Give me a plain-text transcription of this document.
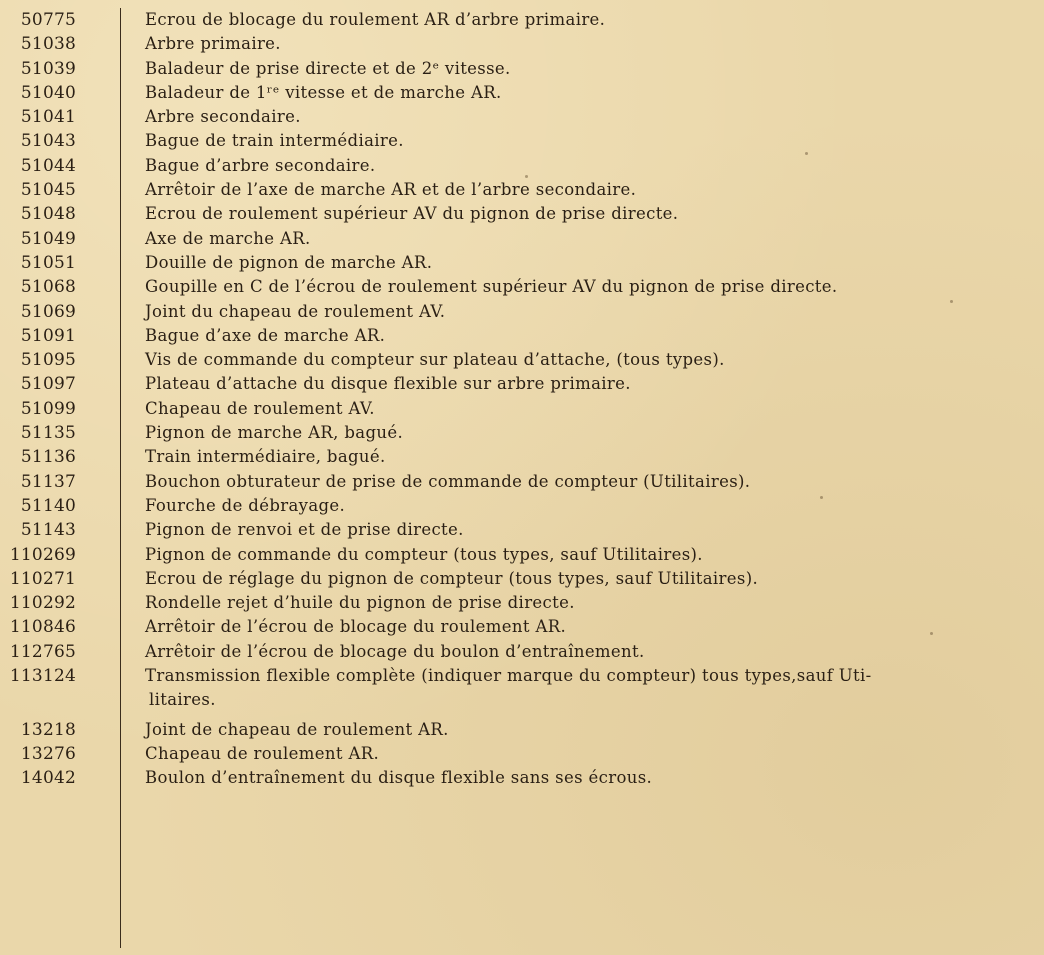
50775	Ecrou de blocage du roulement AR d’arbre primaire.
51038	Arbre primaire.
51039	Baladeur de prise directe et de 2ᵉ vitesse.
51040	Baladeur de 1ʳᵉ vitesse et de marche AR.
51041	Arbre secondaire.
51043	Bague de train intermédiaire.
51044	Bague d’arbre secondaire.
51045	Arrêtoir de l’axe de marche AR et de l’arbre secondaire.
51048	Ecrou de roulement supérieur AV du pignon de prise directe.
51049	Axe de marche AR.
51051	Douille de pignon de marche AR.
51068	Goupille en C de l’écrou de roulement supérieur AV du pignon de prise directe.
51069	Joint du chapeau de roulement AV.
51091	Bague d’axe de marche AR.
51095	Vis de commande du compteur sur plateau d’attache, (tous types).
51097	Plateau d’attache du disque flexible sur arbre primaire.
51099	Chapeau de roulement AV.
51135	Pignon de marche AR, bagué.
51136	Train intermédiaire, bagué.
51137	Bouchon obturateur de prise de commande de compteur (Utilitaires).
51140	Fourche de débrayage.
51143	Pignon de renvoi et de prise directe.
110269	Pignon de commande du compteur (tous types, sauf Utilitaires).
110271	Ecrou de réglage du pignon de compteur (tous types, sauf Utilitaires).
110292	Rondelle rejet d’huile du pignon de prise directe.
110846	Arrêtoir de l’écrou de blocage du roulement AR.
112765	Arrêtoir de l’écrou de blocage du boulon d’entraînement.
113124	Transmission flexible complète (indiquer marque du compteur) tous types,sauf Uti-
litaires.
13218	Joint de chapeau de roulement AR.
13276	Chapeau de roulement AR.
14042	Boulon d’entraînement du disque flexible sans ses écrous.
